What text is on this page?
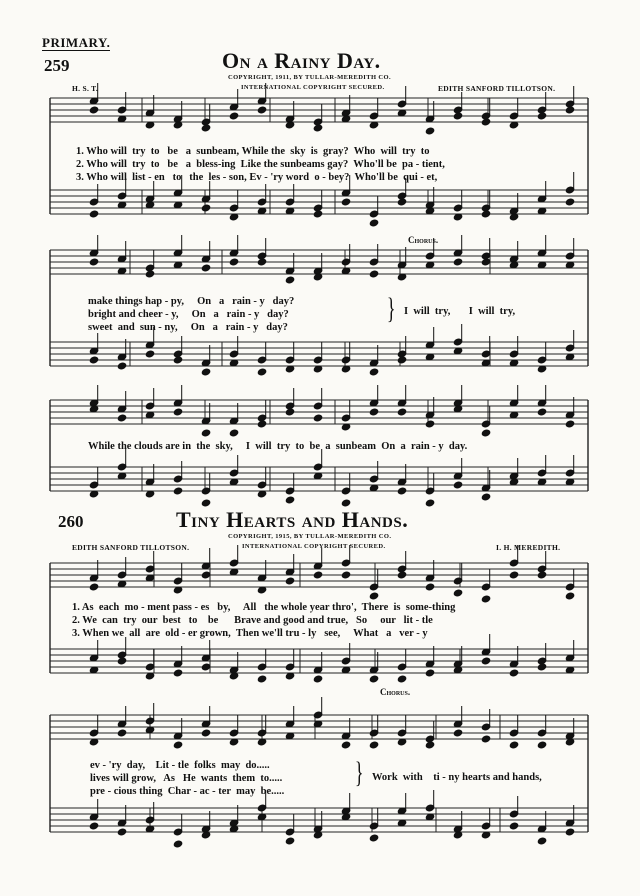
PRIMARY.
259	On a Rainy Day.
COPYRIGHT, 1911, BY TULLAR-MEREDITH CO.
INTERNATIONAL COPYRIGHT SECURED.	EDITH SANFORD TILLOTSON.
H. S. T.
1. Who will  try  to   be   a  sunbeam, While the  sky  is  gray?  Who  will  try  to
2. Who will  try  to   be   a  bless-ing  Like the sunbeams gay?  Who'll be  pa - tient,
3. Who will  list - en   to   the  les - son, Ev - 'ry word  o - bey?  Who'll be  qui - et,
Chorus.
make things hap - py,     On   a   rain - y   day?
bright and cheer - y,     On   a   rain - y   day?
sweet  and  sun - ny,     On   a   rain - y   day?
} I  will  try,       I  will  try,
While the clouds are in  the  sky,     I  will  try  to  be  a  sunbeam  On  a  rain - y  day.
260	Tiny Hearts and Hands.
COPYRIGHT, 1915, BY TULLAR-MEREDITH CO.
INTERNATIONAL COPYRIGHT SECURED.
EDITH SANFORD TILLOTSON.	I. H. MEREDITH.
1. As  each  mo - ment pass - es   by,     All   the whole year thro',  There  is  some-thing
2. We  can  try  our  best   to    be      Brave and good and true,   So     our   lit - tle
3. When we  all  are  old - er grown,  Then we'll tru - ly   see,     What   a   ver - y
Chorus.
ev - 'ry  day,    Lit - tle  folks  may  do.....
lives will grow,   As   He  wants  them  to.....
pre - cious thing  Char - ac - ter  may  be.....
} Work  with    ti - ny hearts and hands,
